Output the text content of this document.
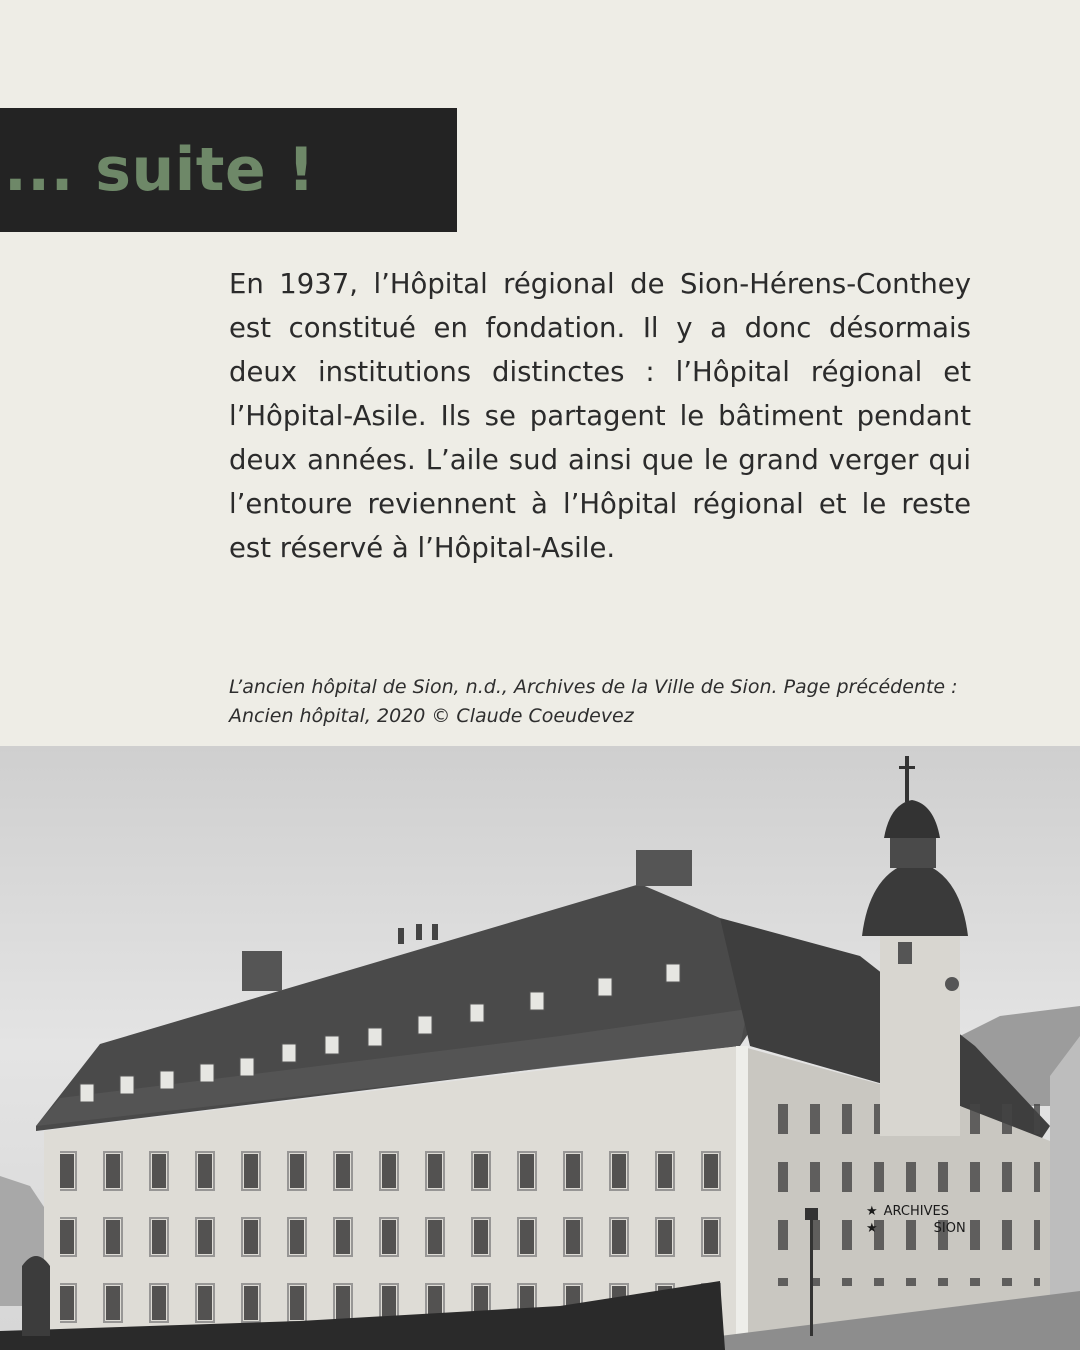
... suite !

En 1937, l’Hôpital régional de Sion-Hérens-Conthey est constitué en fondation. Il y a donc désormais deux institutions distinctes : l’Hôpital régional et l’Hôpital-Asile. Ils se partagent le bâtiment pendant deux années. L’aile sud ainsi que le grand verger qui l’entoure reviennent à l’Hôpital régional et le reste est réservé à l’Hôpital-Asile.

L’ancien hôpital de Sion, n.d., Archives de la Ville de Sion. Page précédente :
Ancien hôpital, 2020 © Claude Coeudevez

★ ARCHIVES
★	SION
